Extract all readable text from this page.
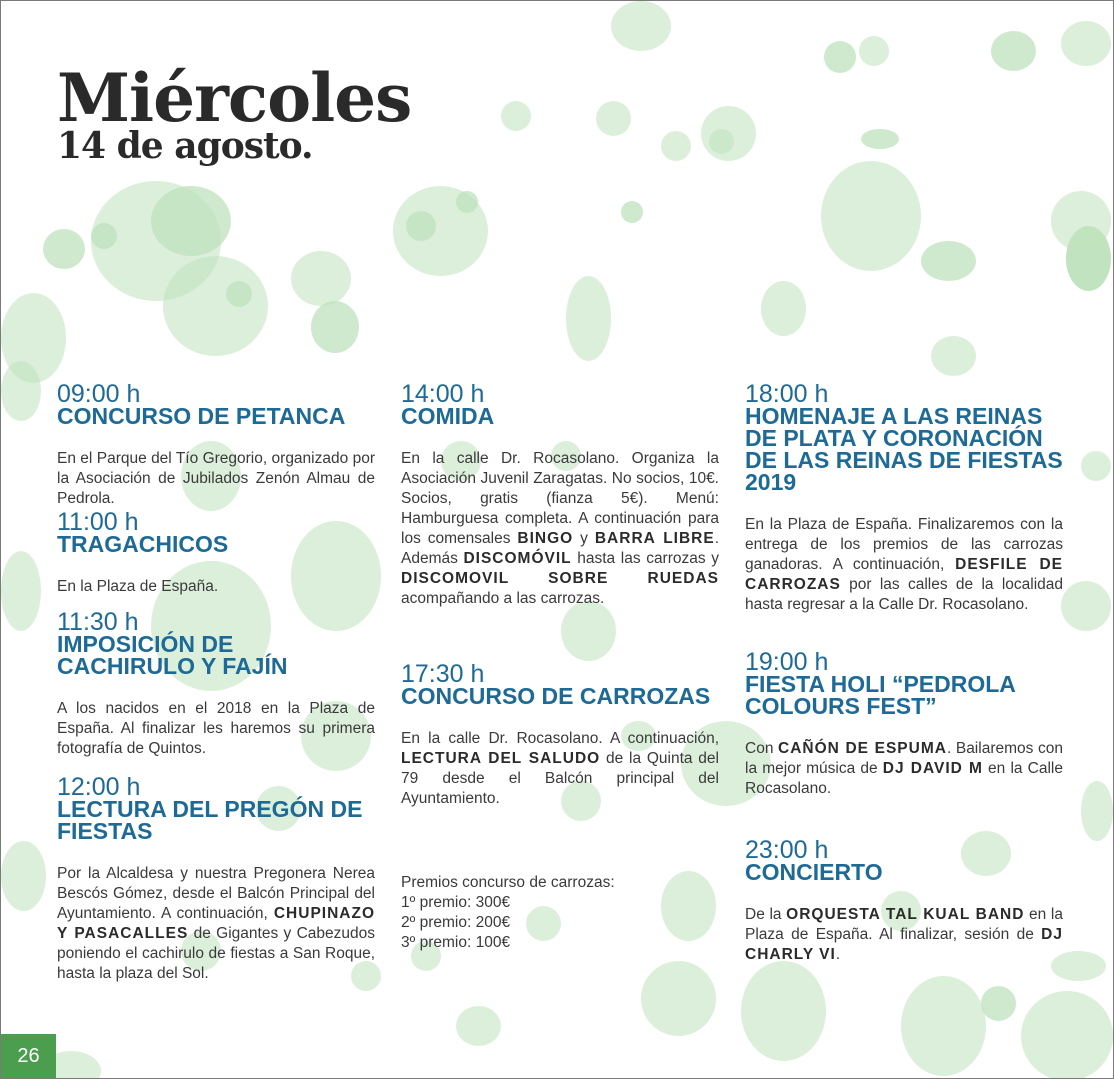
Miércoles
14 de agosto.
09:00 h
CONCURSO DE PETANCA
En el Parque del Tío Gregorio, organizado por la Asociación de Jubilados Zenón Almau de Pedrola.
11:00 h
TRAGACHICOS
En la Plaza de España.
11:30 h
IMPOSICIÓN DE CACHIRULO Y FAJÍN
A los nacidos en el 2018 en la Plaza de España. Al finalizar les haremos su primera fotografía de Quintos.
12:00 h
LECTURA DEL PREGÓN DE FIESTAS
Por la Alcaldesa y nuestra Pregonera Nerea Bescós Gómez, desde el Balcón Principal del Ayuntamiento. A continuación, CHUPINAZO Y PASACALLES de Gigantes y Cabezudos poniendo el cachirulo de fiestas a San Roque, hasta la plaza del Sol.
14:00 h
COMIDA
En la calle Dr. Rocasolano. Organiza la Asociación Juvenil Zaragatas. No socios, 10€. Socios, gratis (fianza 5€). Menú: Hamburguesa completa. A continuación para los comensales BINGO y BARRA LIBRE. Además DISCOMÓVIL hasta las carrozas y DISCOMOVIL SOBRE RUEDAS acompañando a las carrozas.
17:30 h
CONCURSO DE CARROZAS
En la calle Dr. Rocasolano. A continuación, LECTURA DEL SALUDO de la Quinta del 79 desde el Balcón principal del Ayuntamiento.
Premios concurso de carrozas:
1º premio: 300€
2º premio: 200€
3º premio: 100€
18:00 h
HOMENAJE A LAS REINAS DE PLATA Y CORONACIÓN DE LAS REINAS DE FIESTAS 2019
En la Plaza de España. Finalizaremos con la entrega de los premios de las carrozas ganadoras. A continuación, DESFILE DE CARROZAS por las calles de la localidad hasta regresar a la Calle Dr. Rocasolano.
19:00 h
FIESTA HOLI “PEDROLA COLOURS FEST”
Con CAÑÓN DE ESPUMA. Bailaremos con la mejor música de DJ DAVID M en la Calle Rocasolano.
23:00 h
CONCIERTO
De la ORQUESTA TAL KUAL BAND en la Plaza de España. Al finalizar, sesión de DJ CHARLY VI.
26
